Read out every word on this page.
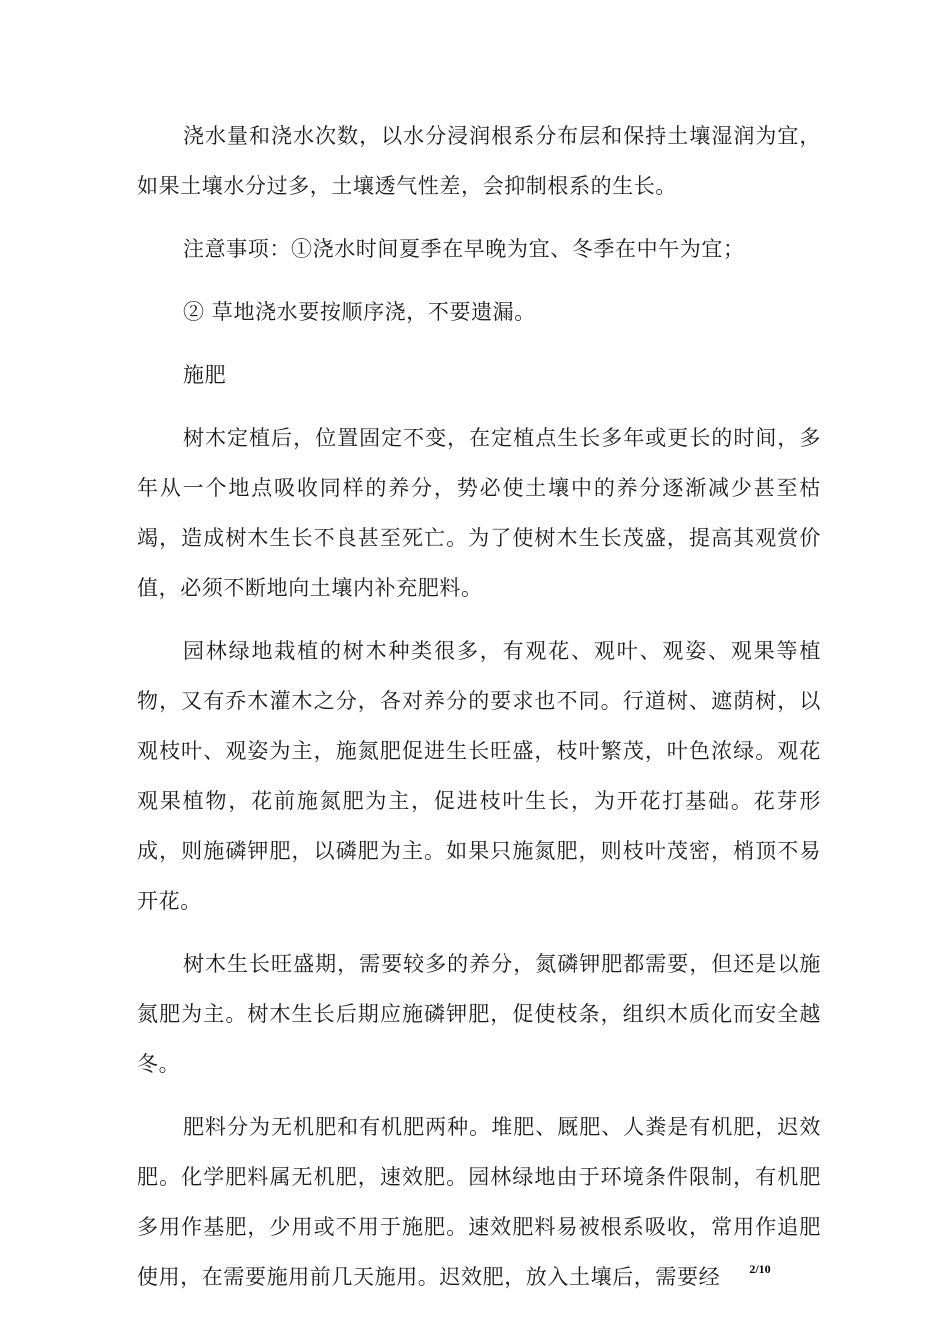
浇水量和浇水次数，以水分浸润根系分布层和保持土壤湿润为宜，如果土壤水分过多，土壤透气性差，会抑制根系的生长。

注意事项：①浇水时间夏季在早晚为宜、冬季在中午为宜；

② 草地浇水要按顺序浇，不要遗漏。

施肥

树木定植后，位置固定不变，在定植点生长多年或更长的时间，多年从一个地点吸收同样的养分，势必使土壤中的养分逐渐减少甚至枯竭，造成树木生长不良甚至死亡。为了使树木生长茂盛，提高其观赏价值，必须不断地向土壤内补充肥料。

园林绿地栽植的树木种类很多，有观花、观叶、观姿、观果等植物，又有乔木灌木之分，各对养分的要求也不同。行道树、遮荫树，以观枝叶、观姿为主，施氮肥促进生长旺盛，枝叶繁茂，叶色浓绿。观花观果植物，花前施氮肥为主，促进枝叶生长，为开花打基础。花芽形成，则施磷钾肥，以磷肥为主。如果只施氮肥，则枝叶茂密，梢顶不易开花。

树木生长旺盛期，需要较多的养分，氮磷钾肥都需要，但还是以施氮肥为主。树木生长后期应施磷钾肥，促使枝条，组织木质化而安全越冬。

肥料分为无机肥和有机肥两种。堆肥、厩肥、人粪是有机肥，迟效肥。化学肥料属无机肥，速效肥。园林绿地由于环境条件限制，有机肥多用作基肥，少用或不用于施肥。速效肥料易被根系吸收，常用作追肥使用，在需要施用前几天施用。迟效肥，放入土壤后，需要经	2/10
